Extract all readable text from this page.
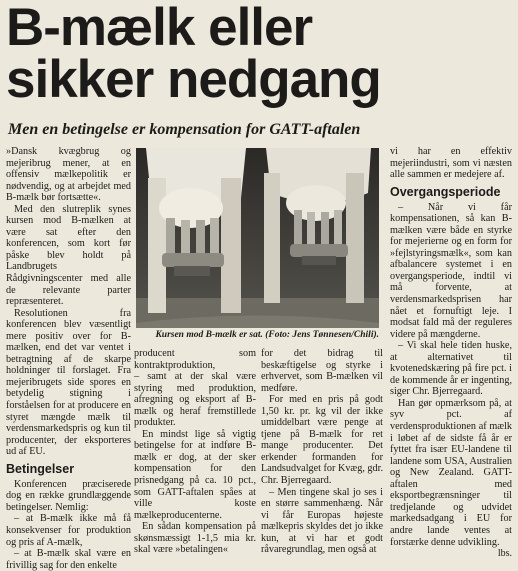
B-mælk eller
sikker nedgang

Men en betingelse er kompensation for GATT-aftalen

»Dansk kvægbrug og mejeribrug mener, at en offensiv mælkepolitik er nødvendig, og at arbejdet med B-mælk bør fortsætte«.

Med den slutreplik synes kursen mod B-mælken at være sat efter den konferencen, som kort før påske blev holdt på Landbrugets Rådgivningscenter med alle de relevante parter repræsenteret.

Resolutionen fra konferencen blev væsentligt mere positiv over for B-mælken, end det var ventet i betragtning af de skarpe holdninger til forslaget. Fra mejeribrugets side spores en betydelig stigning i forståelsen for at producere en styret mængde mælk til verdensmarkedspris og kun til producenter, der eksporteres ud af EU.

Betingelser

Konferencen præciserede dog en række grundlæggende betingelser. Nemlig:

– at B-mælk ikke må få konsekvenser for produktion og pris af A-mælk,

– at B-mælk skal være en frivillig sag for den enkelte

Kursen mod B-mælk er sat. (Foto: Jens Tønnesen/Chili).

producent som kontraktproduktion,

– samt at der skal være styring med produktion, afregning og eksport af B-mælk og heraf fremstillede produkter.

En mindst lige så vigtig betingelse for at indføre B-mælk er dog, at der sker kompensation for den prisnedgang på ca. 10 pct., som GATT-aftalen spåes at ville koste mælkeproducenterne.

En sådan kompensation på skønsmæssigt 1-1,5 mia kr. skal være »betalingen«

for det bidrag til beskæftigelse og styrke i erhvervet, som B-mælken vil medføre.

For med en pris på godt 1,50 kr. pr. kg vil der ikke umiddelbart være penge at tjene på B-mælk for ret mange producenter. Det erkender formanden for Landsudvalget for Kvæg, gdr. Chr. Bjerregaard.

– Men tingene skal jo ses i en større sammenhæng. Når vi får Europas højeste mælkepris skyldes det jo ikke kun, at vi har et godt råvaregrundlag, men også at

vi har en effektiv mejeriindustri, som vi næsten alle sammen er medejere af.

Overgangsperiode

– Når vi får kompensationen, så kan B-mælken være både en styrke for mejerierne og en form for »fejlstyringsmælk«, som kan afbalancere systemet i en overgangsperiode, indtil vi må forvente, at verdensmarkedsprisen har nået et fornuftigt leje. I modsat fald må der reguleres videre på mængderne.

– Vi skal hele tiden huske, at alternativet til kvotenedskæring på fire pct. i de kommende år er ingenting, siger Chr. Bjerregaard.

Han gør opmærksom på, at syv pct. af verdensproduktionen af mælk i løbet af de sidste få år er fyttet fra især EU-landene til landene som USA, Australien og New Zealand. GATT-aftalen med eksportbegrænsninger til tredjelande og udvidet markedsadgang i EU for andre lande ventes at forstærke denne udvikling.

lbs.
